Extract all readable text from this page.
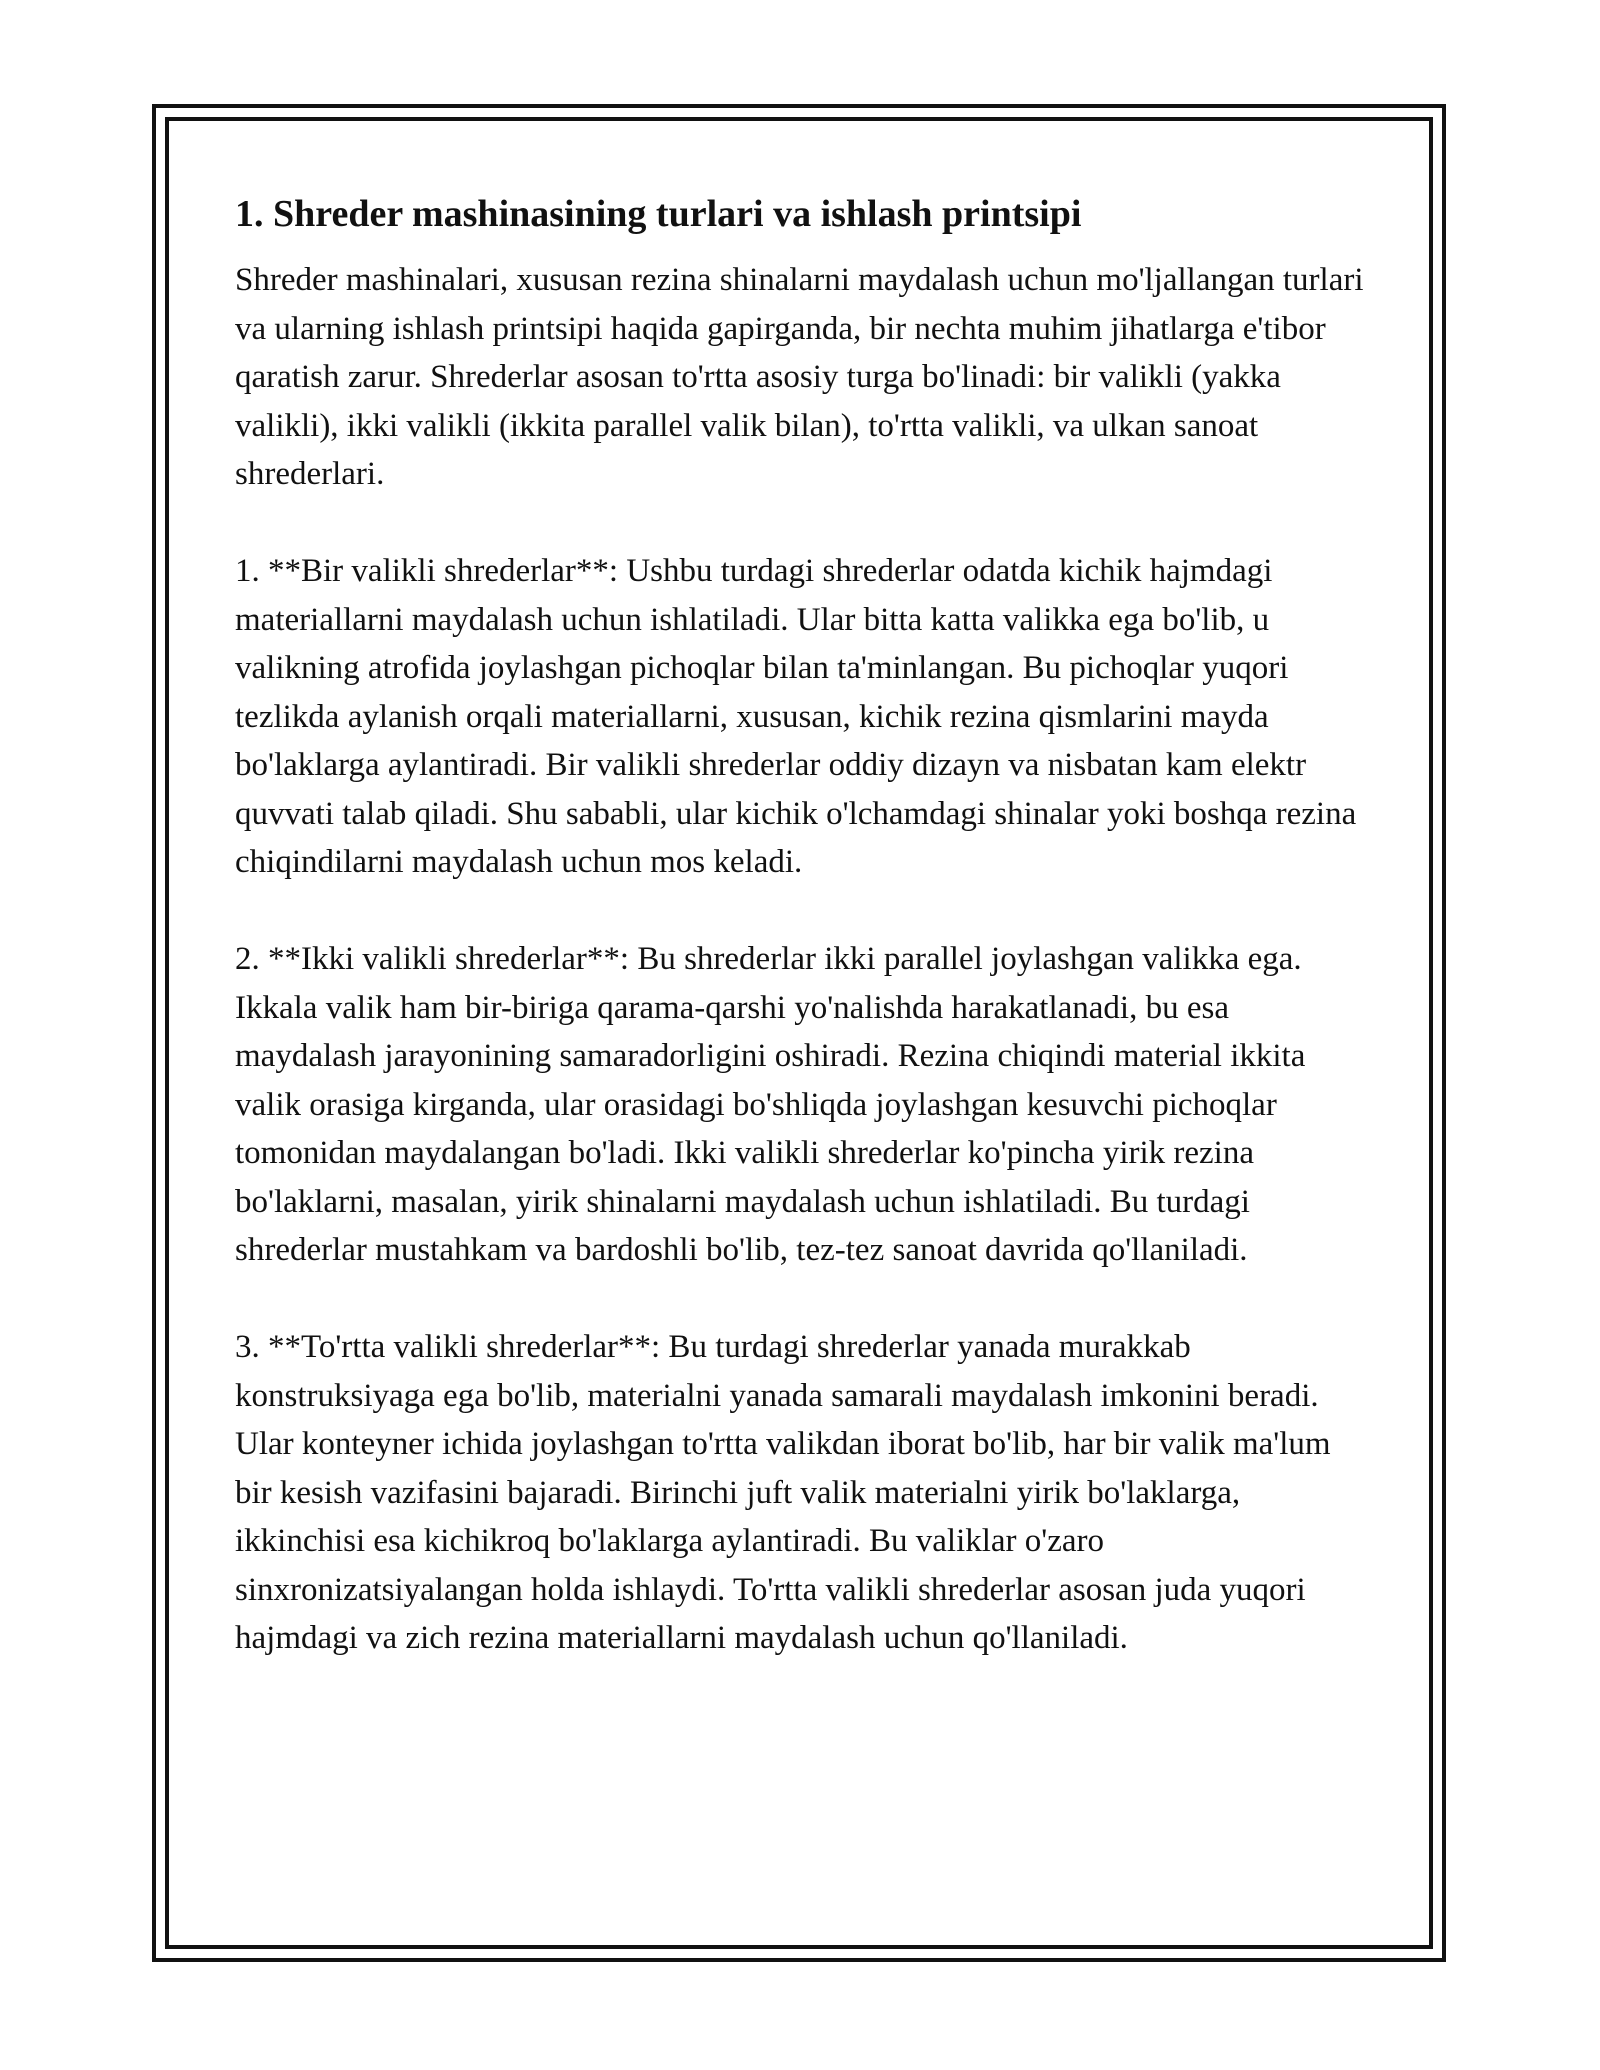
1. Shreder mashinasining turlari va ishlash printsipi

Shreder mashinalari, xususan rezina shinalarni maydalash uchun mo'ljallangan turlari va ularning ishlash printsipi haqida gapirganda, bir nechta muhim jihatlarga e'tibor qaratish zarur. Shrederlar asosan to'rtta asosiy turga bo'linadi: bir valikli (yakka valikli), ikki valikli (ikkita parallel valik bilan), to'rtta valikli, va ulkan sanoat shrederlari.

1. **Bir valikli shrederlar**: Ushbu turdagi shrederlar odatda kichik hajmdagi materiallarni maydalash uchun ishlatiladi. Ular bitta katta valikka ega bo'lib, u valikning atrofida joylashgan pichoqlar bilan ta'minlangan. Bu pichoqlar yuqori tezlikda aylanish orqali materiallarni, xususan, kichik rezina qismlarini mayda bo'laklarga aylantiradi. Bir valikli shrederlar oddiy dizayn va nisbatan kam elektr quvvati talab qiladi. Shu sababli, ular kichik o'lchamdagi shinalar yoki boshqa rezina chiqindilarni maydalash uchun mos keladi.

2. **Ikki valikli shrederlar**: Bu shrederlar ikki parallel joylashgan valikka ega. Ikkala valik ham bir-biriga qarama-qarshi yo'nalishda harakatlanadi, bu esa maydalash jarayonining samaradorligini oshiradi. Rezina chiqindi material ikkita valik orasiga kirganda, ular orasidagi bo'shliqda joylashgan kesuvchi pichoqlar tomonidan maydalangan bo'ladi. Ikki valikli shrederlar ko'pincha yirik rezina bo'laklarni, masalan, yirik shinalarni maydalash uchun ishlatiladi. Bu turdagi shrederlar mustahkam va bardoshli bo'lib, tez-tez sanoat davrida qo'llaniladi.

3. **To'rtta valikli shrederlar**: Bu turdagi shrederlar yanada murakkab konstruksiyaga ega bo'lib, materialni yanada samarali maydalash imkonini beradi. Ular konteyner ichida joylashgan to'rtta valikdan iborat bo'lib, har bir valik ma'lum bir kesish vazifasini bajaradi. Birinchi juft valik materialni yirik bo'laklarga, ikkinchisi esa kichikroq bo'laklarga aylantiradi. Bu valiklar o'zaro sinxronizatsiyalangan holda ishlaydi. To'rtta valikli shrederlar asosan juda yuqori hajmdagi va zich rezina materiallarni maydalash uchun qo'llaniladi.
